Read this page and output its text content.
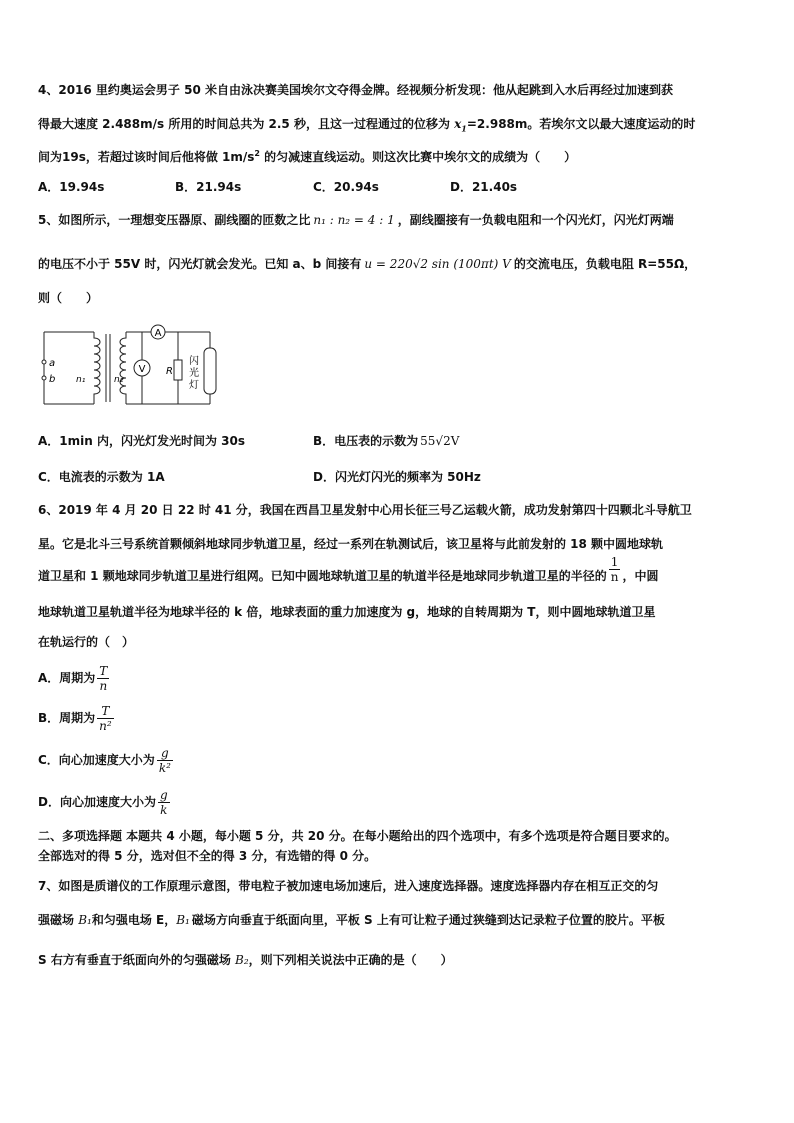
4、2016 里约奥运会男子 50 米自由泳决赛美国埃尔文夺得金牌。经视频分析发现：他从起跳到入水后再经过加速到获
得最大速度 2.488m/s 所用的时间总共为 2.5 秒，且这一过程通过的位移为 $x_1=2.988m$。若埃尔文以最大速度运动的时
间为19s，若超过该时间后他将做 $1m/s^2$ 的匀减速直线运动。则这次比赛中埃尔文的成绩为（　　）
A．19.94s	B．21.94s	C．20.94s	D．21.40s
5、如图所示，一理想变压器原、副线圈的匝数之比 n₁ : n₂ = 4 : 1 ，副线圈接有一负载电阻和一个闪光灯，闪光灯两端
的电压不小于 55V 时，闪光灯就会发光。已知 a、b 间接有 u = 220√2 sin (100πt) V 的交流电压，负载电阻 R=55Ω，
则（　　）
A
V
a
b n₁	n₂
R
闪
光
灯
A．1min 内，闪光灯发光时间为 30s	B．电压表的示数为 55√2V
C．电流表的示数为 1A	D．闪光灯闪光的频率为 50Hz
6、2019 年 4 月 20 日 22 时 41 分，我国在西昌卫星发射中心用长征三号乙运载火箭，成功发射第四十四颗北斗导航卫
星。它是北斗三号系统首颗倾斜地球同步轨道卫星，经过一系列在轨测试后，该卫星将与此前发射的 18 颗中圆地球轨
道卫星和 1 颗地球同步轨道卫星进行组网。已知中圆地球轨道卫星的轨道半径是地球同步轨道卫星的半径的 $\frac{1}{n}$ ，中圆
地球轨道卫星轨道半径为地球半径的 k 倍，地球表面的重力加速度为 g，地球的自转周期为 T，则中圆地球轨道卫星
在轨运行的（　）
A．周期为 $\frac{T}{n}$
B．周期为 $\frac{T}{\text{n²}}$
C．向心加速度大小为 $\frac{g}{\text{k²}}$
D．向心加速度大小为 $\frac{g}{k}$
二、多项选择题 本题共 4 小题，每小题 5 分，共 20 分。在每小题给出的四个选项中，有多个选项是符合题目要求的。
全部选对的得 5 分，选对但不全的得 3 分，有选错的得 0 分。
7、如图是质谱仪的工作原理示意图，带电粒子被加速电场加速后，进入速度选择器。速度选择器内存在相互正交的匀
强磁场 B₁和匀强电场 E，B₁ 磁场方向垂直于纸面向里，平板 S 上有可让粒子通过狭缝到达记录粒子位置的胶片。平板
S 右方有垂直于纸面向外的匀强磁场 B₂，则下列相关说法中正确的是（　　）
